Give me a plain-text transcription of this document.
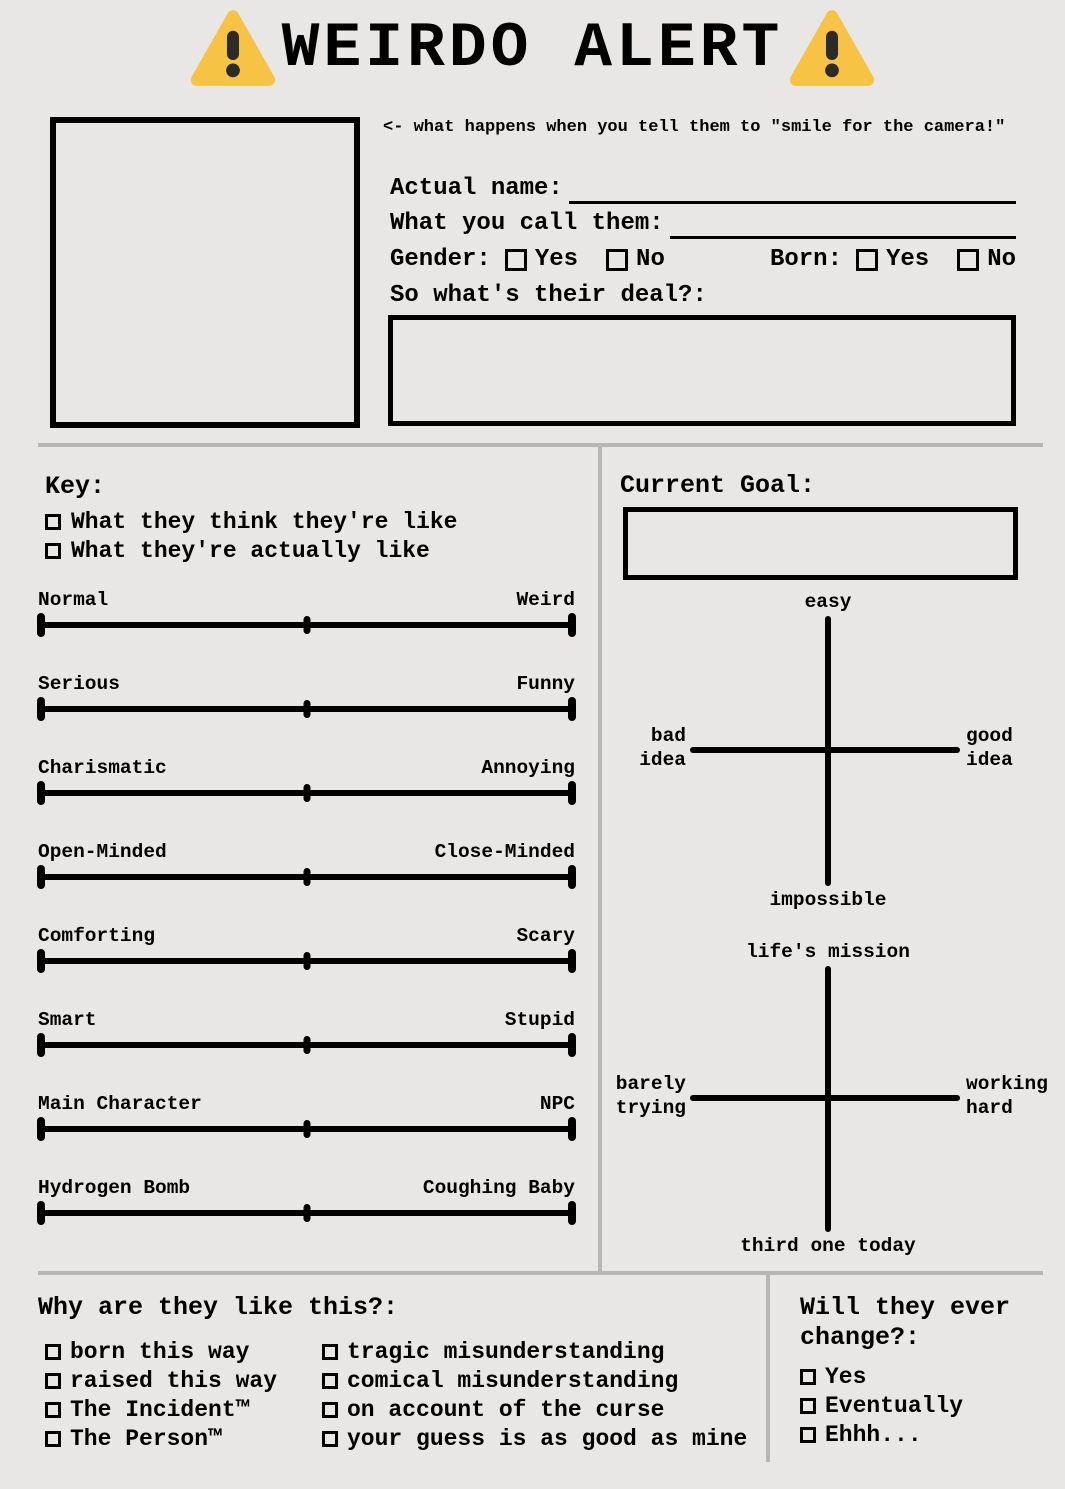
WEIRDO ALERT
<- what happens when you tell them to "smile for the camera!"
Actual name:
What you call them:
Gender: Yes No	Born: Yes No
So what's their deal?:
Key:
What they think they're like
What they're actually like
Normal	Weird
Serious	Funny
Charismatic	Annoying
Open-Minded	Close-Minded
Comforting	Scary
Smart	Stupid
Main Character	NPC
Hydrogen Bomb	Coughing Baby
Current Goal:
easy
bad
idea
good
idea
impossible
life's mission
barely
trying
working
hard
third one today
Why are they like this?:
born this way
raised this way
The Incident™
The Person™
tragic misunderstanding
comical misunderstanding
on account of the curse
your guess is as good as mine
Will they ever change?:
Yes
Eventually
Ehhh...
